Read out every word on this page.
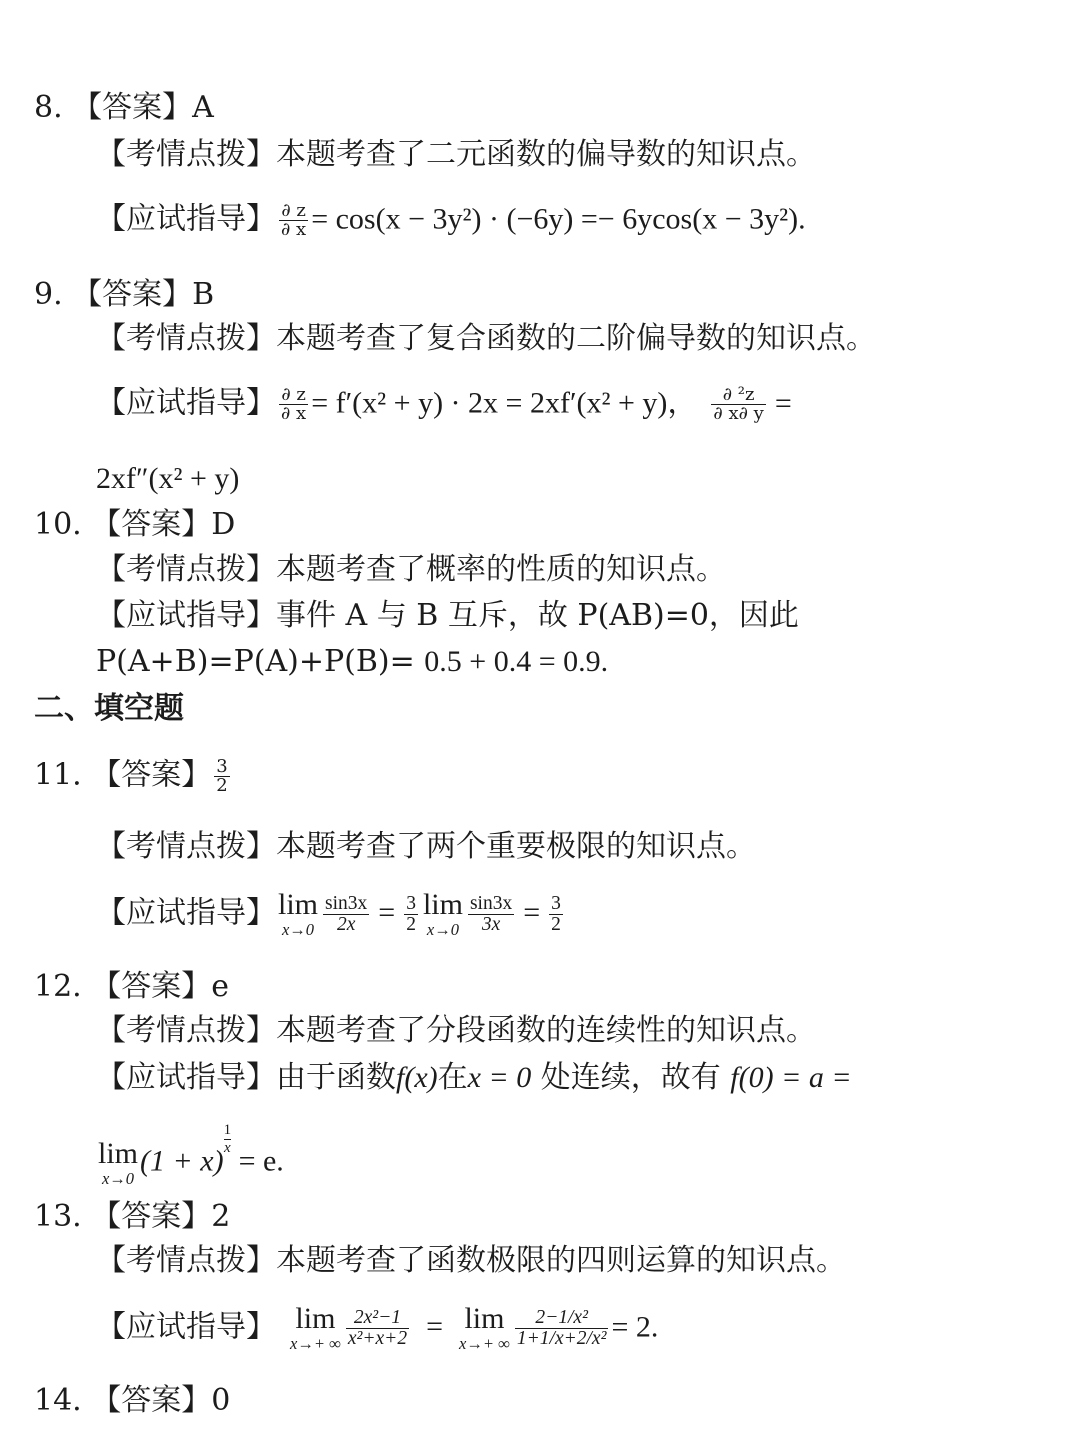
8. 【答案】A
【考情点拨】本题考查了二元函数的偏导数的知识点。
【应试指导】 $\frac{\partial z}{\partial x} = \cos(x - 3y^2) \cdot (-6y) =- 6ycos(x - 3y^2)$.
9. 【答案】B
【考情点拨】本题考查了复合函数的二阶偏导数的知识点。
【应试指导】 $\frac{\partial z}{\partial x} = f'(x^2 + y) \cdot 2x = 2xf'(x^2 + y)$， $\frac{\text{∂ ²z}}{\partial x\partial y}$ =
2xf″(x² + y)
10. 【答案】D
【考情点拨】本题考查了概率的性质的知识点。
【应试指导】事件 A 与 B 互斥，故 P(AB)=0，因此
P(A+B)=P(A)+P(B)= 0.5 + 0.4 = 0.9.
二、填空题
11. 【答案】 $\frac{3}{2}$
【考情点拨】本题考查了两个重要极限的知识点。
【应试指导】 lim
$x\to 0 \frac{\sin 3x}{2x} = \frac{3}{2}$ lim
$x\to 0 \frac{\sin 3x}{3x} = \frac{3}{2}$
12. 【答案】e
【考情点拨】本题考查了分段函数的连续性的知识点。
【应试指导】由于函数f(x)在x = 0 处连续，故有 f(0) = a =
lim
x→0
(1 + x)
$\frac{1}{x}$
= e.
13. 【答案】2
【考情点拨】本题考查了函数极限的四则运算的知识点。
【应试指导】 lim
x→+ ∞ $\frac{\text{2x²−1}}{\text{x²+x+2}} = \lim$
x→+ ∞ $\frac{\text{2−1/x²}}{\text{1+1/x+2/x²}} = 2$.
14. 【答案】0
